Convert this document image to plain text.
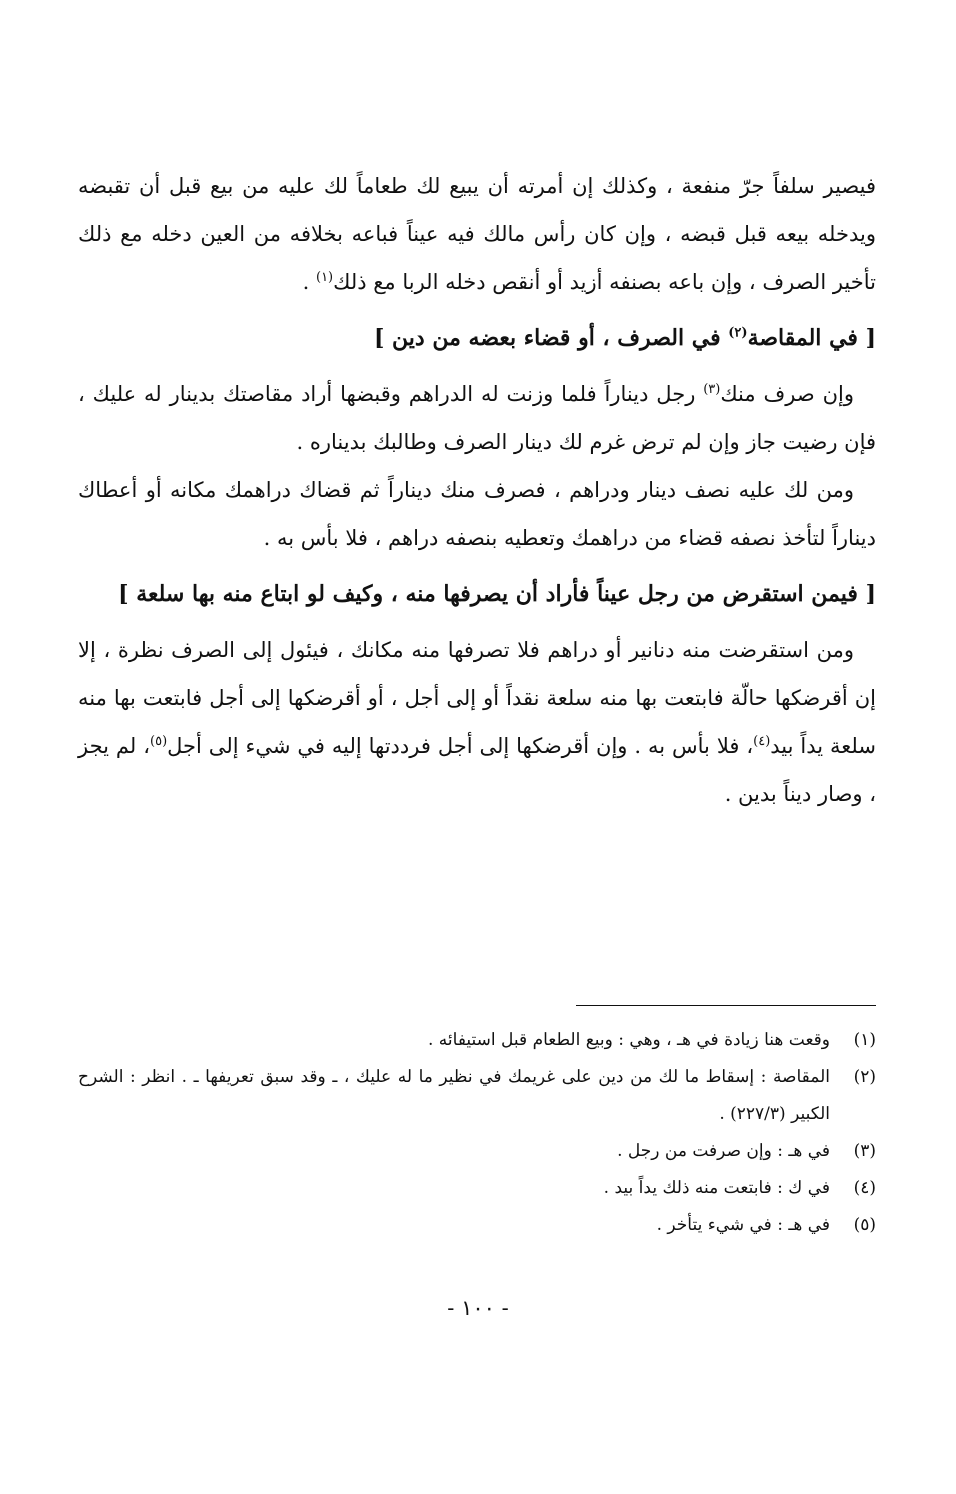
فيصير سلفاً جرّ منفعة ، وكذلك إن أمرته أن يبيع لك طعاماً لك عليه من بيع قبل أن تقبضه ويدخله بيعه قبل قبضه ، وإن كان رأس مالك فيه عيناً فباعه بخلافه من العين دخله مع ذلك تأخير الصرف ، وإن باعه بصنفه أزيد أو أنقص دخله الربا مع ذلك$^{(١)}$ .

[ في المقاصة$^{(٢)}$ في الصرف ، أو قضاء بعضه من دين ]

وإن صرف منك$^{(٣)}$ رجل ديناراً فلما وزنت له الدراهم وقبضها أراد مقاصتك بدينار له عليك ، فإن رضيت جاز وإن لم ترض غرم لك دينار الصرف وطالبك بديناره .

ومن لك عليه نصف دينار ودراهم ، فصرف منك ديناراً ثم قضاك دراهمك مكانه أو أعطاك ديناراً لتأخذ نصفه قضاء من دراهمك وتعطيه بنصفه دراهم ، فلا بأس به .

[ فيمن استقرض من رجل عيناً فأراد أن يصرفها منه ، وكيف لو ابتاع منه بها سلعة ]

ومن استقرضت منه دنانير أو دراهم فلا تصرفها منه مكانك ، فيئول إلى الصرف نظرة ، إلا إن أقرضكها حالّة فابتعت بها منه سلعة نقداً أو إلى أجل ، أو أقرضكها إلى أجل فابتعت بها منه سلعة يداً بيد$^{(٤)}$، فلا بأس به . وإن أقرضكها إلى أجل فرددتها إليه في شيء إلى أجل$^{(٥)}$، لم يجز ، وصار ديناً بدين .

(١)
وقعت هنا زيادة في هـ ، وهي : وبيع الطعام قبل استيفائه .
(٢)
المقاصة : إسقاط ما لك من دين على غريمك في نظير ما له عليك ، ـ وقد سبق تعريفها ـ . انظر : الشرح الكبير (٢٢٧/٣) .
(٣)
في هـ : وإن صرفت من رجل .
(٤)
في ك : فابتعت منه ذلك يداً بيد .
(٥)
في هـ : في شيء يتأخر .
- ١٠٠ -
